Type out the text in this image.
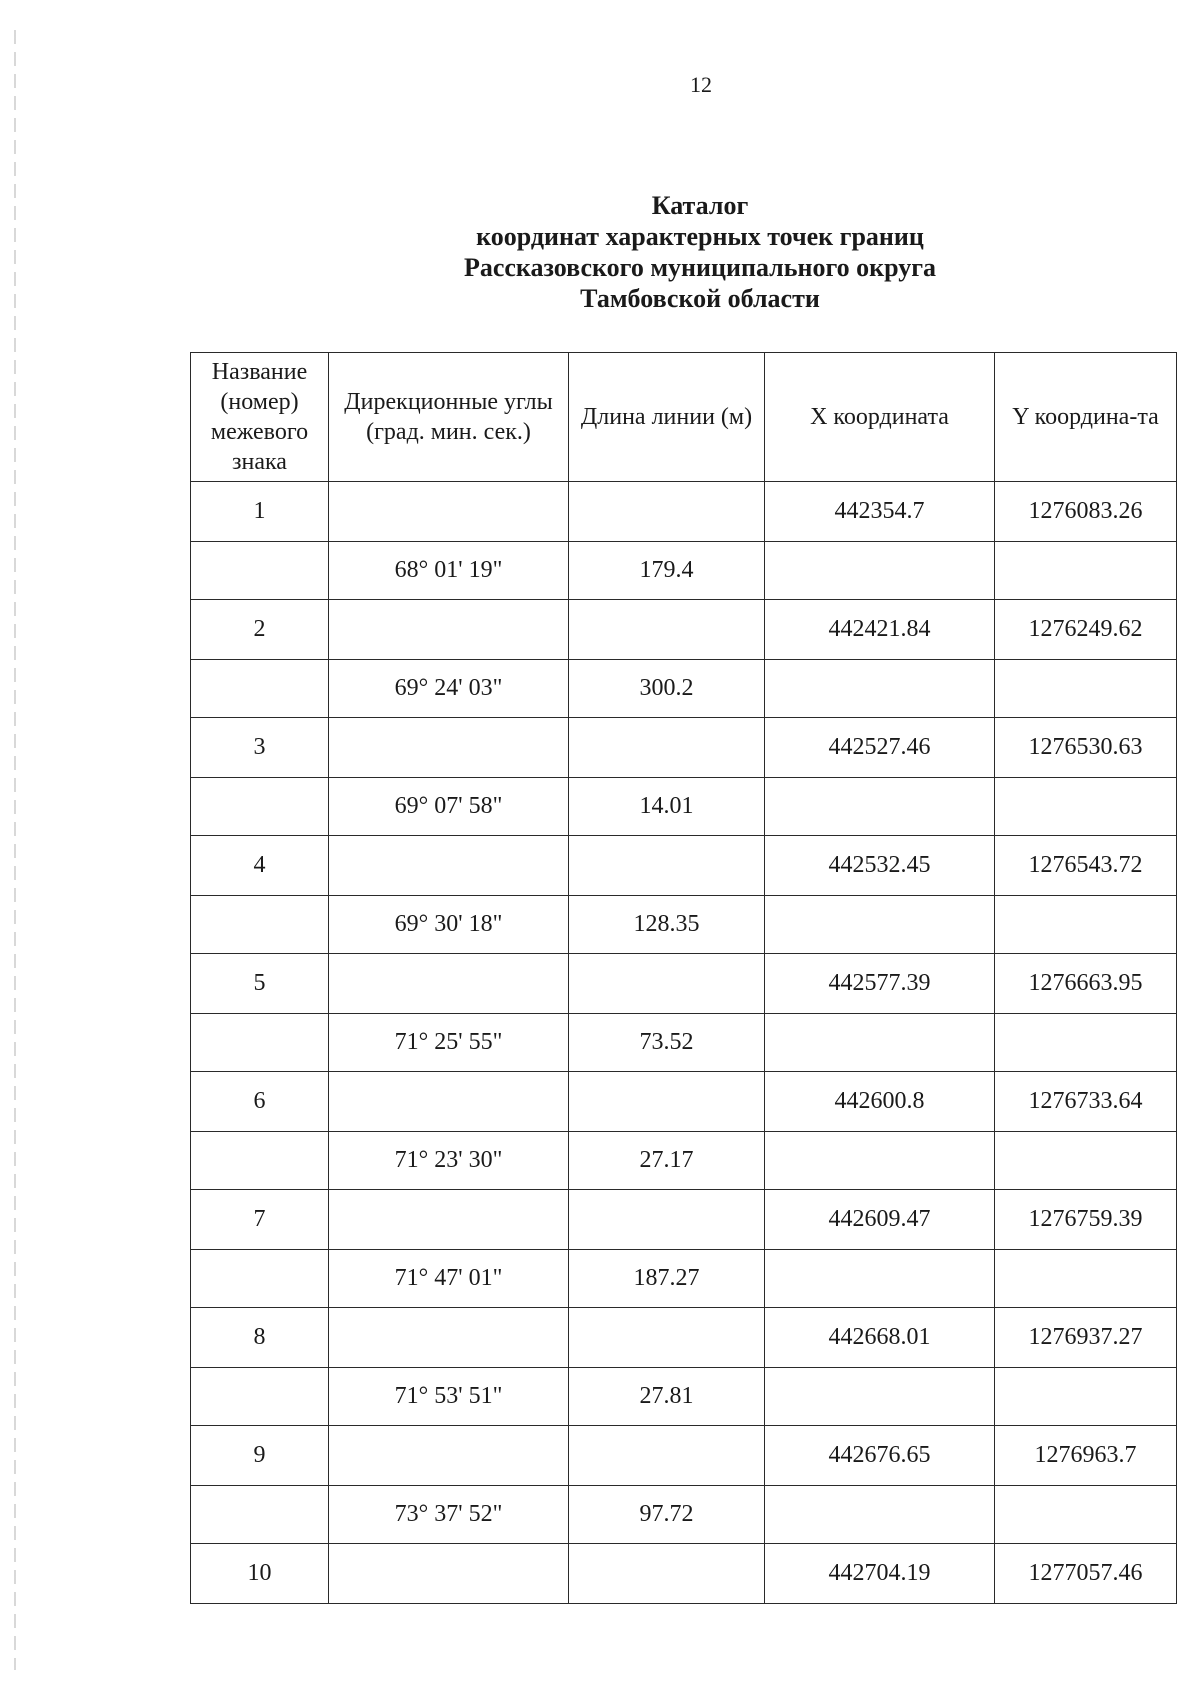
12
Каталог
координат характерных точек границ
Рассказовского муниципального округа
Тамбовской области
Название (номер) межевого знака	Дирекционные углы (град. мин. сек.)	Длина линии (м)	X координата	Y координа-та
1			442354.7	1276083.26
	68° 01' 19"	179.4		
2			442421.84	1276249.62
	69° 24' 03"	300.2		
3			442527.46	1276530.63
	69° 07' 58"	14.01		
4			442532.45	1276543.72
	69° 30' 18"	128.35		
5			442577.39	1276663.95
	71° 25' 55"	73.52		
6			442600.8	1276733.64
	71° 23' 30"	27.17		
7			442609.47	1276759.39
	71° 47' 01"	187.27		
8			442668.01	1276937.27
	71° 53' 51"	27.81		
9			442676.65	1276963.7
	73° 37' 52"	97.72		
10			442704.19	1277057.46
